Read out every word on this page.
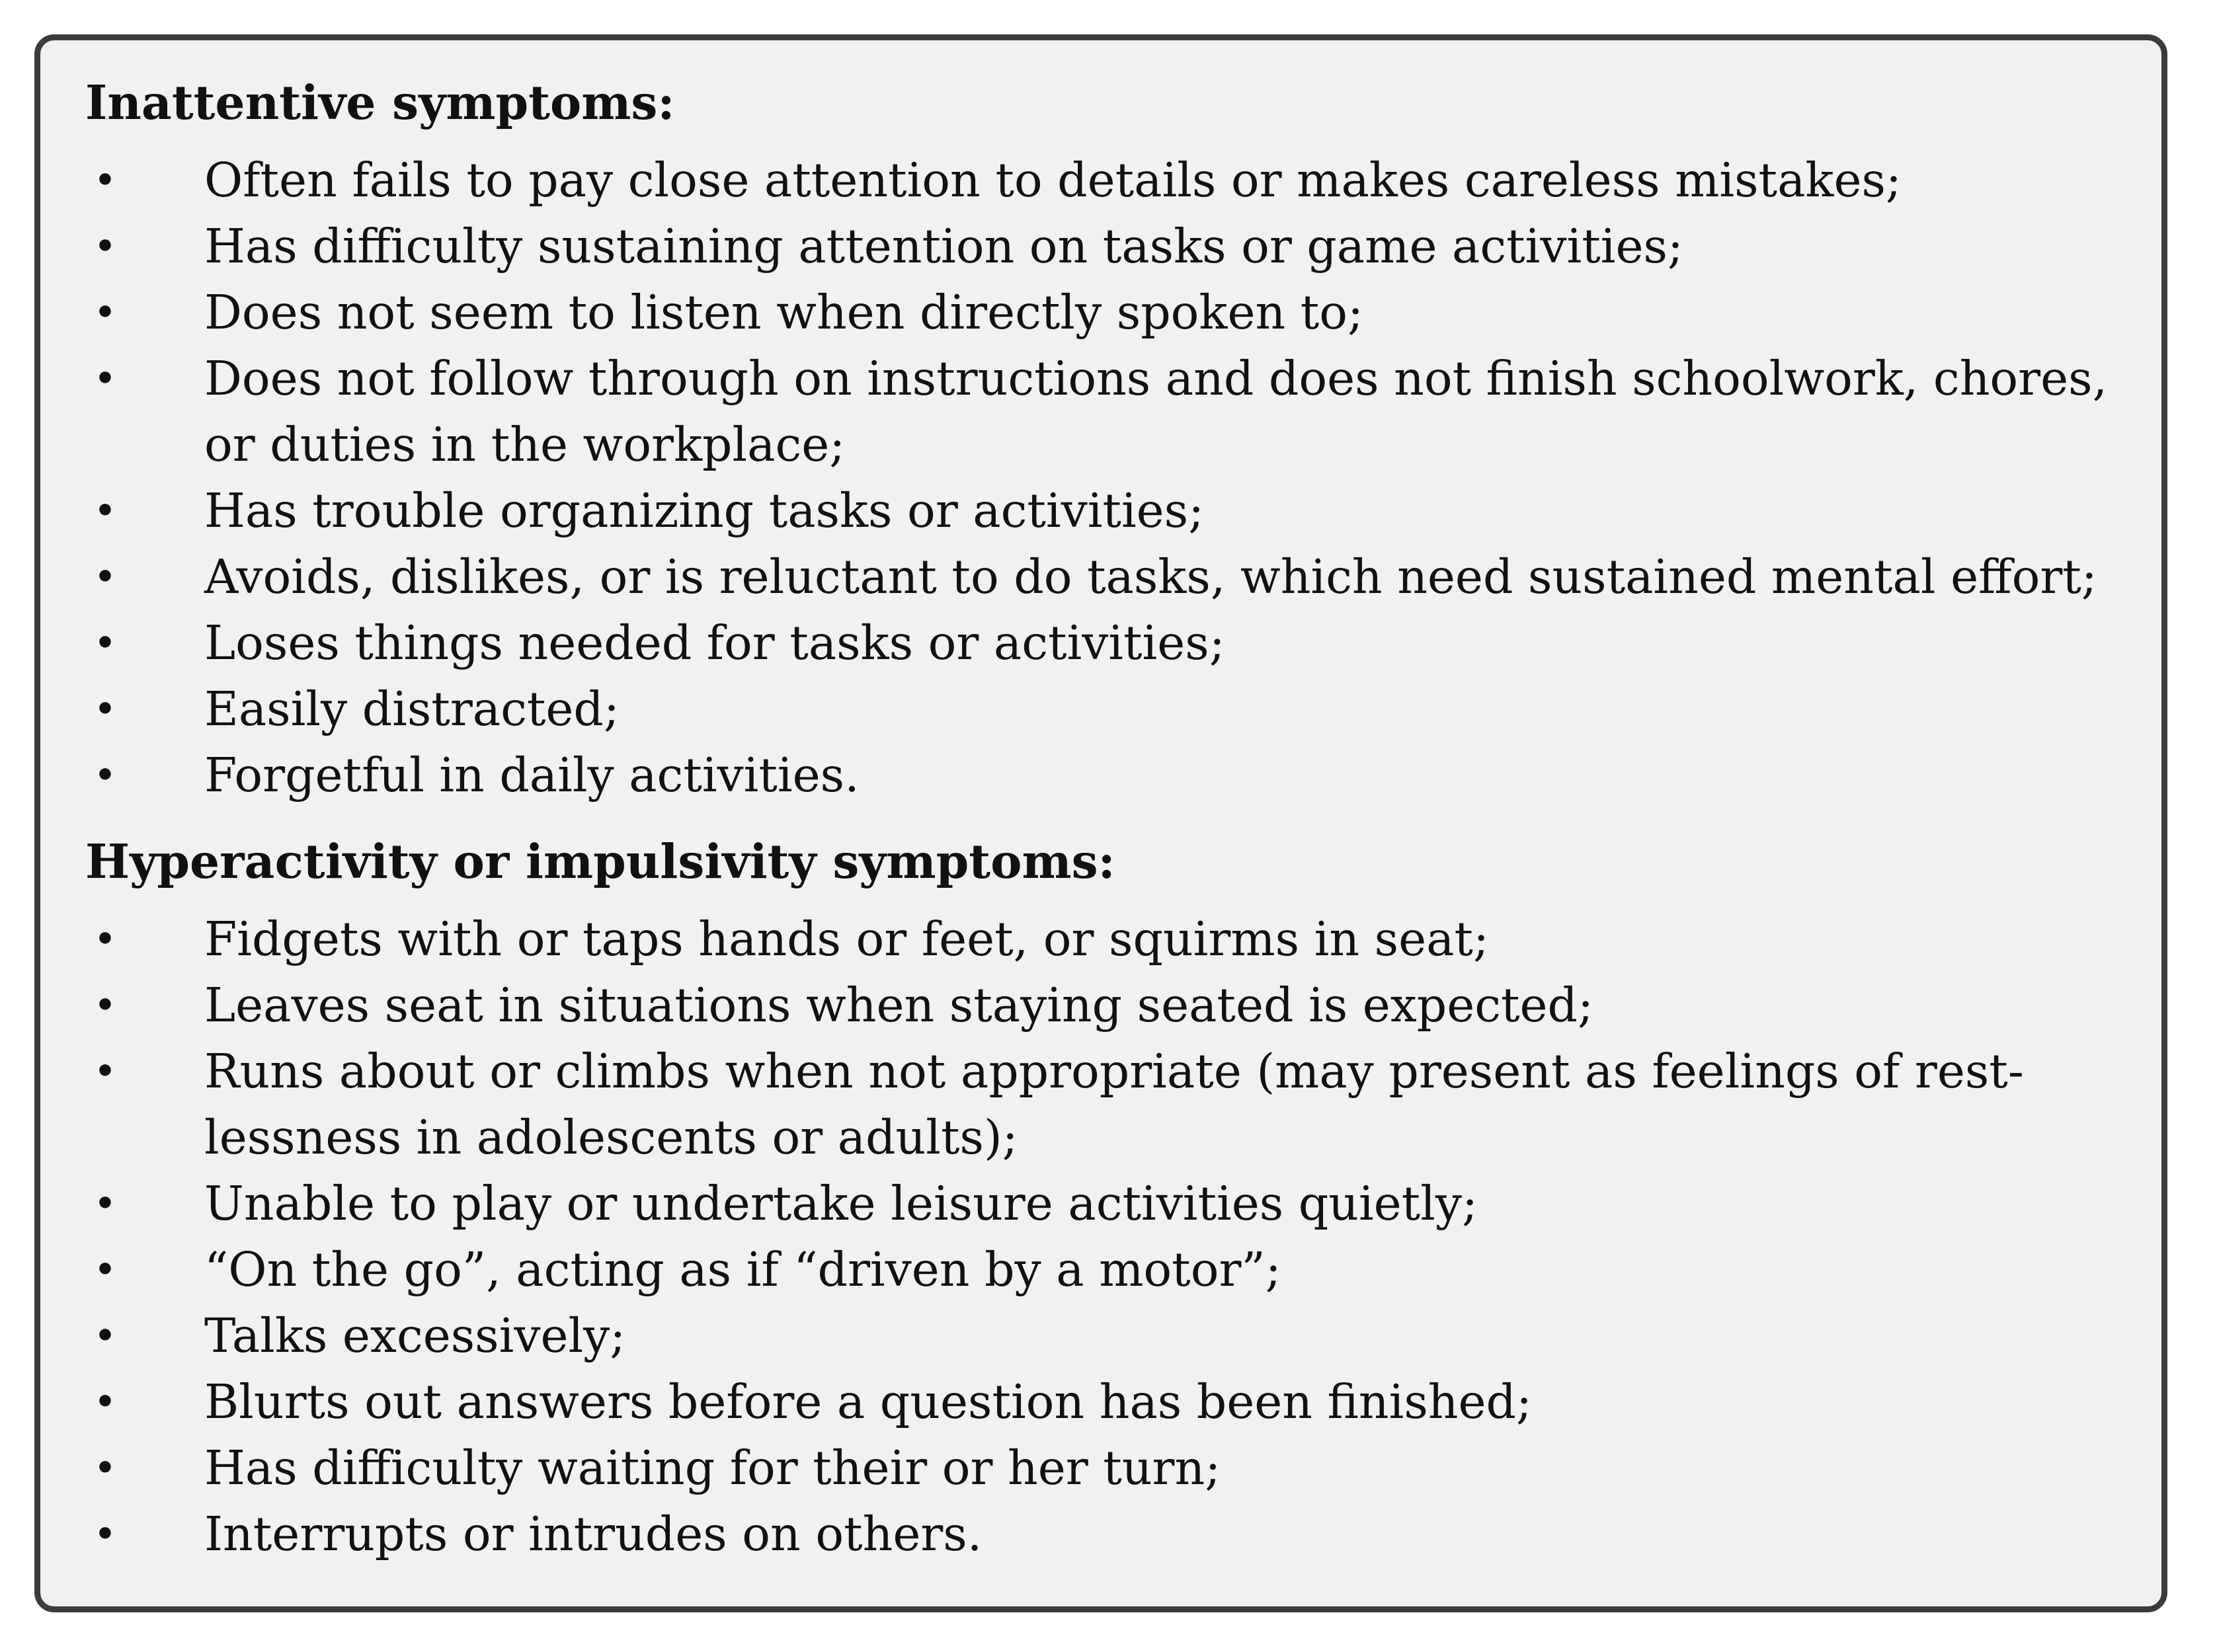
Inattentive symptoms:
• Often fails to pay close attention to details or makes careless mistakes;
• Has difficulty sustaining attention on tasks or game activities;
• Does not seem to listen when directly spoken to;
• Does not follow through on instructions and does not finish schoolwork, chores,
or duties in the workplace;
• Has trouble organizing tasks or activities;
• Avoids, dislikes, or is reluctant to do tasks, which need sustained mental effort;
• Loses things needed for tasks or activities;
• Easily distracted;
• Forgetful in daily activities.
Hyperactivity or impulsivity symptoms:
• Fidgets with or taps hands or feet, or squirms in seat;
• Leaves seat in situations when staying seated is expected;
• Runs about or climbs when not appropriate (may present as feelings of rest-
lessness in adolescents or adults);
• Unable to play or undertake leisure activities quietly;
• “On the go”, acting as if “driven by a motor”;
• Talks excessively;
• Blurts out answers before a question has been finished;
• Has difficulty waiting for their or her turn;
• Interrupts or intrudes on others.
